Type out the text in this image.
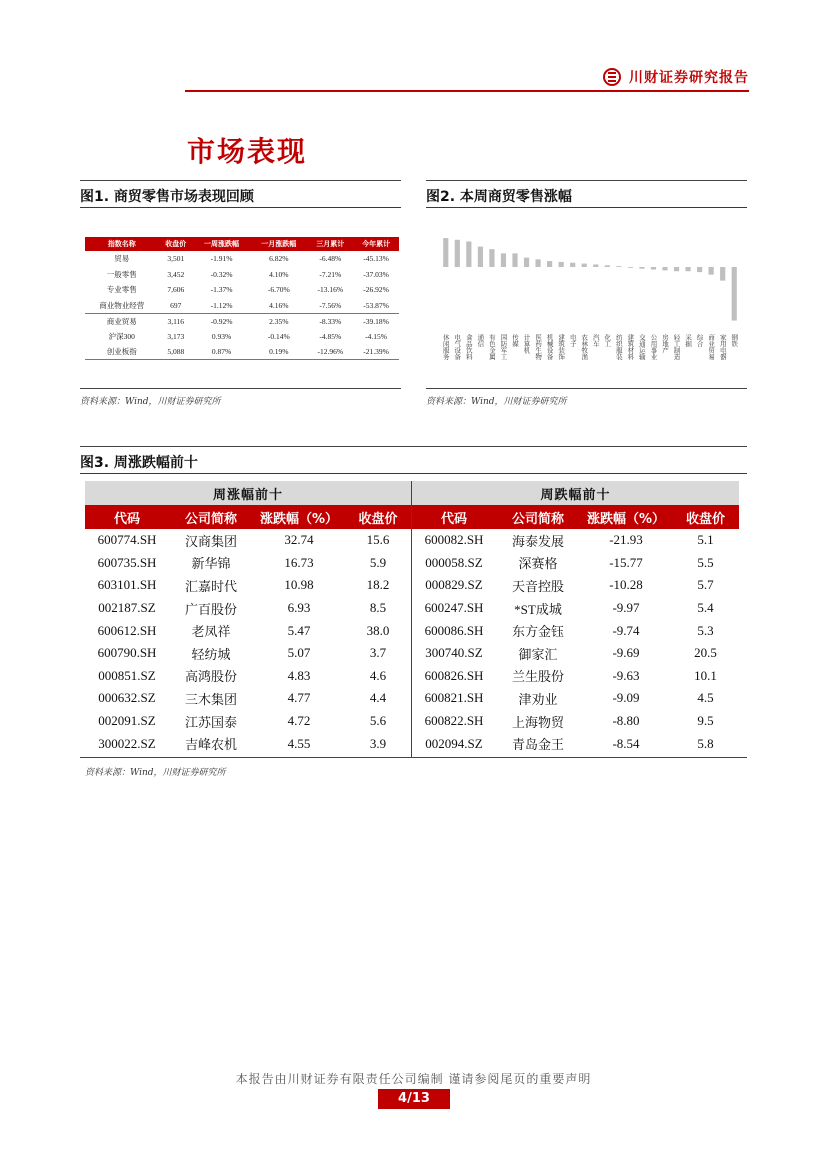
川财证券研究报告
市场表现
图1. 商贸零售市场表现回顾
指数名称	收盘价	一周涨跌幅	一月涨跌幅	三月累计	今年累计
贸易	3,501	-1.91%	6.82%	-6.48%	-45.13%
一般零售	3,452	-0.32%	4.10%	-7.21%	-37.03%
专业零售	7,606	-1.37%	-6.70%	-13.16%	-26.92%
商业物业经营	697	-1.12%	4.16%	-7.56%	-53.87%
商业贸易	3,116	-0.92%	2.35%	-8.33%	-39.18%
沪深300	3,173	0.93%	-0.14%	-4.85%	-4.15%
创业板指	5,088	0.87%	0.19%	-12.96%	-21.39%
资料来源：Wind，川财证券研究所
图2. 本周商贸零售涨幅
休闲服务 电气设备 食品饮料 通信 有色金属 国防军工 传媒 计算机 医药生物 机械设备 建筑装饰 电子 农林牧渔 汽车 化工 纺织服装 建筑材料 交通运输 公用事业 房地产 轻工制造 采掘 综合 商业贸易 家用电器 钢铁
资料来源：Wind，川财证券研究所
图3. 周涨跌幅前十
周涨幅前十	周跌幅前十
代码	公司简称	涨跌幅（%）	收盘价	代码	公司简称	涨跌幅（%）	收盘价
600774.SH	汉商集团	32.74	15.6	600082.SH	海泰发展	-21.93	5.1
600735.SH	新华锦	16.73	5.9	000058.SZ	深赛格	-15.77	5.5
603101.SH	汇嘉时代	10.98	18.2	000829.SZ	天音控股	-10.28	5.7
002187.SZ	广百股份	6.93	8.5	600247.SH	*ST成城	-9.97	5.4
600612.SH	老凤祥	5.47	38.0	600086.SH	东方金钰	-9.74	5.3
600790.SH	轻纺城	5.07	3.7	300740.SZ	御家汇	-9.69	20.5
000851.SZ	高鸿股份	4.83	4.6	600826.SH	兰生股份	-9.63	10.1
000632.SZ	三木集团	4.77	4.4	600821.SH	津劝业	-9.09	4.5
002091.SZ	江苏国泰	4.72	5.6	600822.SH	上海物贸	-8.80	9.5
300022.SZ	吉峰农机	4.55	3.9	002094.SZ	青岛金王	-8.54	5.8
资料来源：Wind，川财证券研究所
本报告由川财证券有限责任公司编制 谨请参阅尾页的重要声明
4/13
